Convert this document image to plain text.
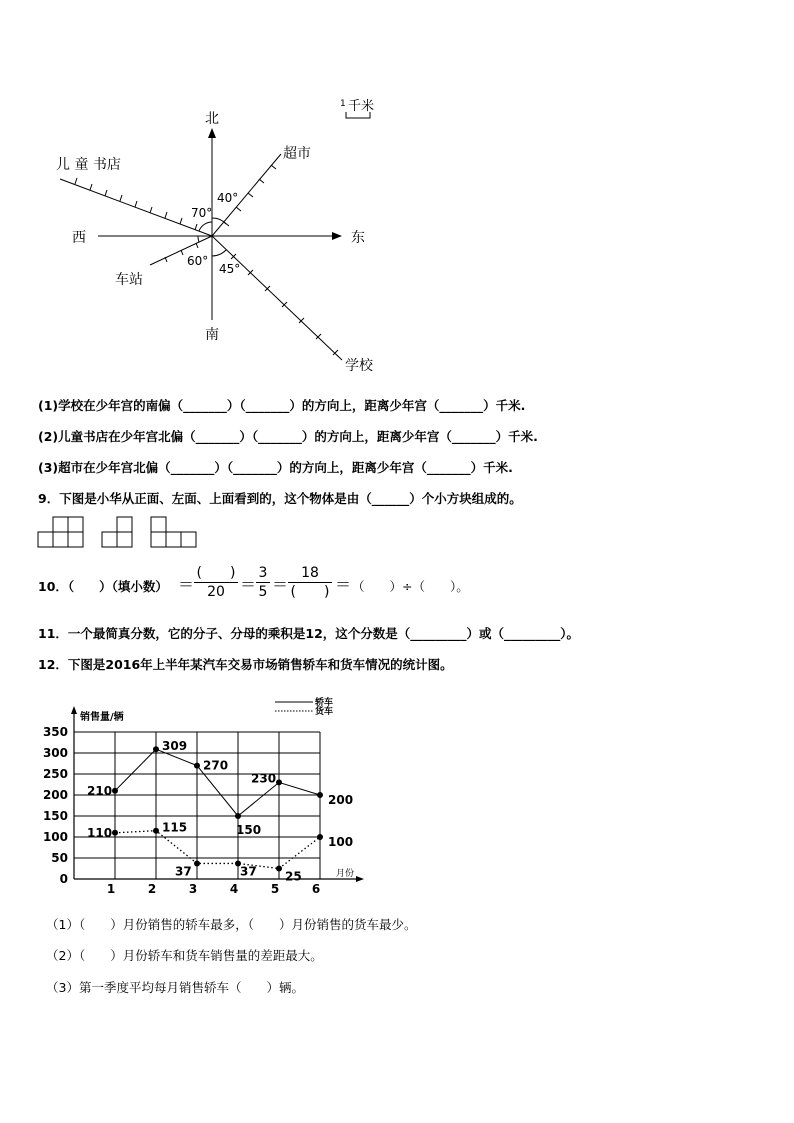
1 千米
北
南
东
西
儿 童 书店
超市
车站
学校
40°
70°
60°
45°
(1)学校在少年宫的南偏（_______）（_______）的方向上，距离少年宫（_______）千米.
(2)儿童书店在少年宫北偏（_______）（_______）的方向上，距离少年宫（_______）千米.
(3)超市在少年宫北偏（_______）（_______）的方向上，距离少年宫（_______）千米.
9．下图是小华从正面、左面、上面看到的，这个物体是由（______）个小方块组成的。
10．（　　）（填小数） ＝
(　　)
20 ＝
3
5 ＝
18
(　　) ＝ （　　）÷（　　）。
11．一个最简真分数，它的分子、分母的乘积是12，这个分数是（_________）或（_________）。
12．下图是2016年上半年某汽车交易市场销售轿车和货车情况的统计图。
0
50
100
150
200
250
300
350
1	2	3	4	5	6
销售量/辆
月份
轿车
货车
210
309
270
150
230
200
110	115
37	37 25
100
（1）（　　）月份销售的轿车最多，（　　）月份销售的货车最少。
（2）（　　）月份轿车和货车销售量的差距最大。
（3）第一季度平均每月销售轿车（　　）辆。
